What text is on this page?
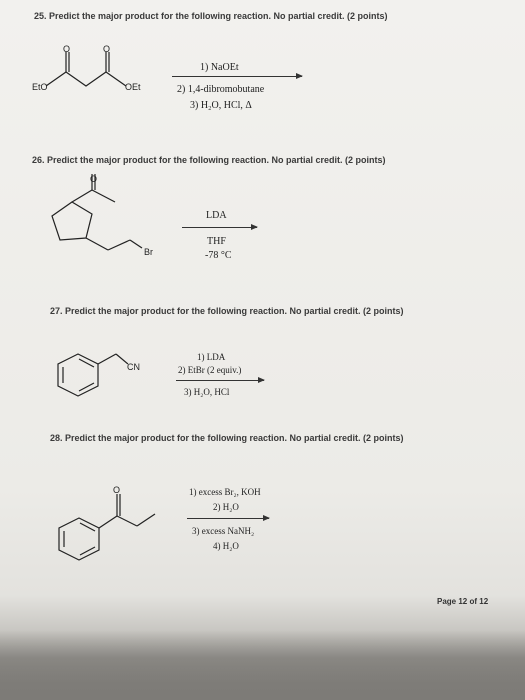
25. Predict the major product for the following reaction. No partial credit. (2 points)
O	O
EtO	OEt
1) NaOEt
2) 1,4-dibromobutane
3) H₂O, HCl, Δ
26. Predict the major product for the following reaction. No partial credit. (2 points)
O
Br
LDA
THF
-78 °C
27. Predict the major product for the following reaction. No partial credit. (2 points)
CN
1) LDA
2) EtBr (2 equiv.)
3) H₂O, HCl
28. Predict the major product for the following reaction. No partial credit. (2 points)
O	1) excess Br₂, KOH
2) H₂O
3) excess NaNH₂
4) H₂O
Page 12 of 12
